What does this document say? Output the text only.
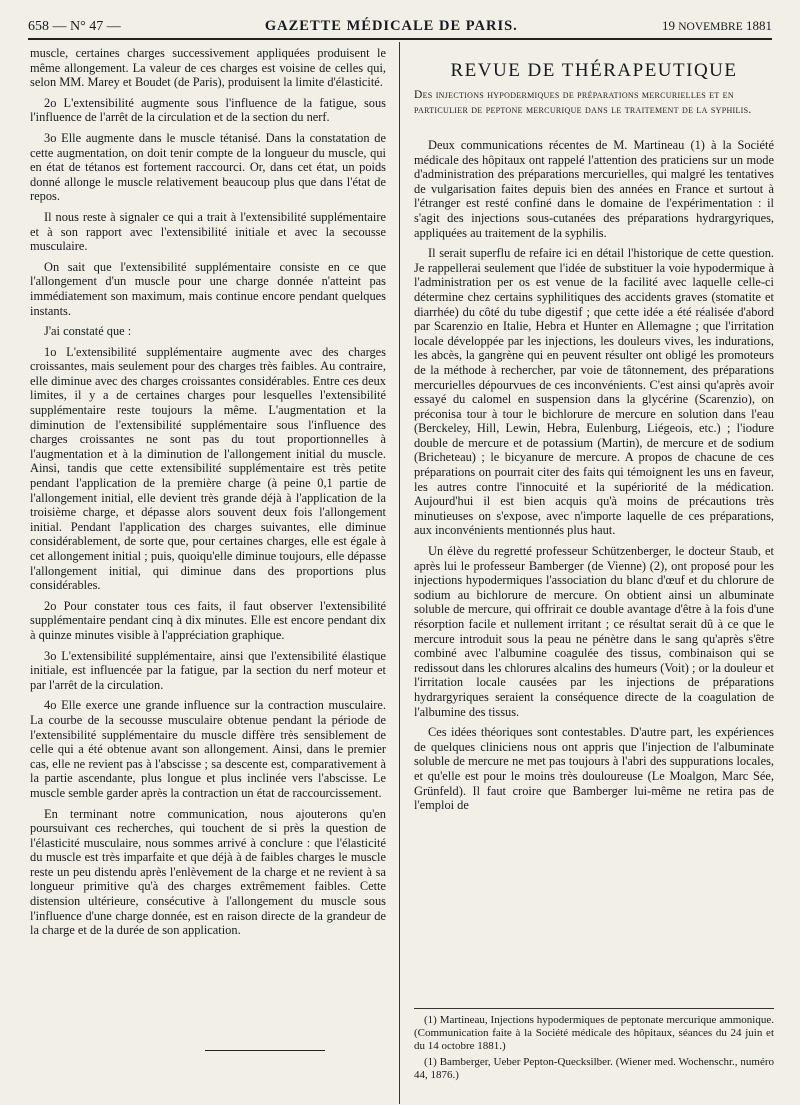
658 — N° 47 —	GAZETTE MÉDICALE DE PARIS.	19 NOVEMBRE 1881

muscle, certaines charges successivement appliquées produisent le même allongement. La valeur de ces charges est voisine de celles qui, selon MM. Marey et Boudet (de Paris), produisent la limite d'élasticité.

2o L'extensibilité augmente sous l'influence de la fatigue, sous l'influence de l'arrêt de la circulation et de la section du nerf.

3o Elle augmente dans le muscle tétanisé. Dans la constatation de cette augmentation, on doit tenir compte de la longueur du muscle, qui en état de tétanos est fortement raccourci. Or, dans cet état, un poids donné allonge le muscle relativement beaucoup plus que dans l'état de repos.

Il nous reste à signaler ce qui a trait à l'extensibilité supplémentaire et à son rapport avec l'extensibilité initiale et avec la secousse musculaire.

On sait que l'extensibilité supplémentaire consiste en ce que l'allongement d'un muscle pour une charge donnée n'atteint pas immédiatement son maximum, mais continue encore pendant quelques instants.

J'ai constaté que :

1o L'extensibilité supplémentaire augmente avec des charges croissantes, mais seulement pour des charges très faibles. Au contraire, elle diminue avec des charges croissantes considérables. Entre ces deux limites, il y a de certaines charges pour lesquelles l'extensibilité supplémentaire reste toujours la même. L'augmentation et la diminution de l'extensibilité supplémentaire sous l'influence des charges croissantes ne sont pas du tout proportionnelles à l'augmentation et à la diminution de l'allongement initial du muscle. Ainsi, tandis que cette extensibilité supplémentaire est très petite pendant l'application de la première charge (à peine 0,1 partie de l'allongement initial, elle devient très grande déjà à l'application de la troisième charge, et dépasse alors souvent deux fois l'allongement initial. Pendant l'application des charges suivantes, elle diminue considérablement, de sorte que, pour certaines charges, elle est égale à cet allongement initial ; puis, quoiqu'elle diminue toujours, elle dépasse l'allongement initial, qui diminue dans des proportions plus considérables.

2o Pour constater tous ces faits, il faut observer l'extensibilité supplémentaire pendant cinq à dix minutes. Elle est encore pendant dix à quinze minutes visible à l'appréciation graphique.

3o L'extensibilité supplémentaire, ainsi que l'extensibilité élastique initiale, est influencée par la fatigue, par la section du nerf moteur et par l'arrêt de la circulation.

4o Elle exerce une grande influence sur la contraction musculaire. La courbe de la secousse musculaire obtenue pendant la période de l'extensibilité supplémentaire du muscle diffère très sensiblement de celle qui a été obtenue avant son allongement. Ainsi, dans le premier cas, elle ne revient pas à l'abscisse ; sa descente est, comparativement à la partie ascendante, plus longue et plus inclinée vers l'abscisse. Le muscle semble garder après la contraction un état de raccourcissement.

En terminant notre communication, nous ajouterons qu'en poursuivant ces recherches, qui touchent de si près la question de l'élasticité musculaire, nous sommes arrivé à conclure : que l'élasticité du muscle est très imparfaite et que déjà à de faibles charges le muscle reste un peu distendu après l'enlèvement de la charge et ne revient à sa longueur primitive qu'à des charges extrêmement faibles. Cette distension ultérieure, consécutive à l'allongement du muscle sous l'influence d'une charge donnée, est en raison directe de la grandeur de la charge et de la durée de son application.

REVUE DE THÉRAPEUTIQUE
Des injections hypodermiques de préparations mercurielles et en particulier de peptone mercurique dans le traitement de la syphilis.

Deux communications récentes de M. Martineau (1) à la Société médicale des hôpitaux ont rappelé l'attention des praticiens sur un mode d'administration des préparations mercurielles, qui malgré les tentatives de vulgarisation faites depuis bien des années en France et surtout à l'étranger est resté confiné dans le domaine de l'expérimentation : il s'agit des injections sous-cutanées des préparations hydrargyriques, appliquées au traitement de la syphilis.

Il serait superflu de refaire ici en détail l'historique de cette question. Je rappellerai seulement que l'idée de substituer la voie hypodermique à l'administration per os est venue de la facilité avec laquelle celle-ci détermine chez certains syphilitiques des accidents graves (stomatite et diarrhée) du côté du tube digestif ; que cette idée a été réalisée d'abord par Scarenzio en Italie, Hebra et Hunter en Allemagne ; que l'irritation locale développée par les injections, les douleurs vives, les indurations, les abcès, la gangrène qui en peuvent résulter ont obligé les promoteurs de la méthode à rechercher, par voie de tâtonnement, des préparations mercurielles dépourvues de ces inconvénients. C'est ainsi qu'après avoir essayé du calomel en suspension dans la glycérine (Scarenzio), on préconisa tour à tour le bichlorure de mercure en solution dans l'eau (Berckeley, Hill, Lewin, Hebra, Eulenburg, Liégeois, etc.) ; l'iodure double de mercure et de potassium (Martin), de mercure et de sodium (Bricheteau) ; le bicyanure de mercure. A propos de chacune de ces préparations on pourrait citer des faits qui témoignent les uns en faveur, les autres contre l'innocuité et la supériorité de la médication. Aujourd'hui il est bien acquis qu'à moins de précautions très minutieuses on s'expose, avec n'importe laquelle de ces préparations, aux inconvénients mentionnés plus haut.

Un élève du regretté professeur Schützenberger, le docteur Staub, et après lui le professeur Bamberger (de Vienne) (2), ont proposé pour les injections hypodermiques l'association du blanc d'œuf et du chlorure de sodium au bichlorure de mercure. On obtient ainsi un albuminate soluble de mercure, qui offrirait ce double avantage d'être à la fois d'une résorption facile et nullement irritant ; ce résultat serait dû à ce que le mercure introduit sous la peau ne pénètre dans le sang qu'après s'être combiné avec l'albumine coagulée des tissus, combinaison qui se redissout dans les chlorures alcalins des humeurs (Voit) ; or la douleur et l'irritation locale causées par les injections de préparations hydrargyriques seraient la conséquence directe de la coagulation de l'albumine des tissus.

Ces idées théoriques sont contestables. D'autre part, les expériences de quelques cliniciens nous ont appris que l'injection de l'albuminate soluble de mercure ne met pas toujours à l'abri des suppurations locales, et qu'elle est pour le moins très douloureuse (Le Moalgon, Marc Sée, Grünfeld). Il faut croire que Bamberger lui-même ne retira pas de l'emploi de

(1) Martineau, Injections hypodermiques de peptonate mercurique ammonique. (Communication faite à la Société médicale des hôpitaux, séances du 24 juin et du 14 octobre 1881.)

(1) Bamberger, Ueber Pepton-Quecksilber. (Wiener med. Wochenschr., numéro 44, 1876.)
